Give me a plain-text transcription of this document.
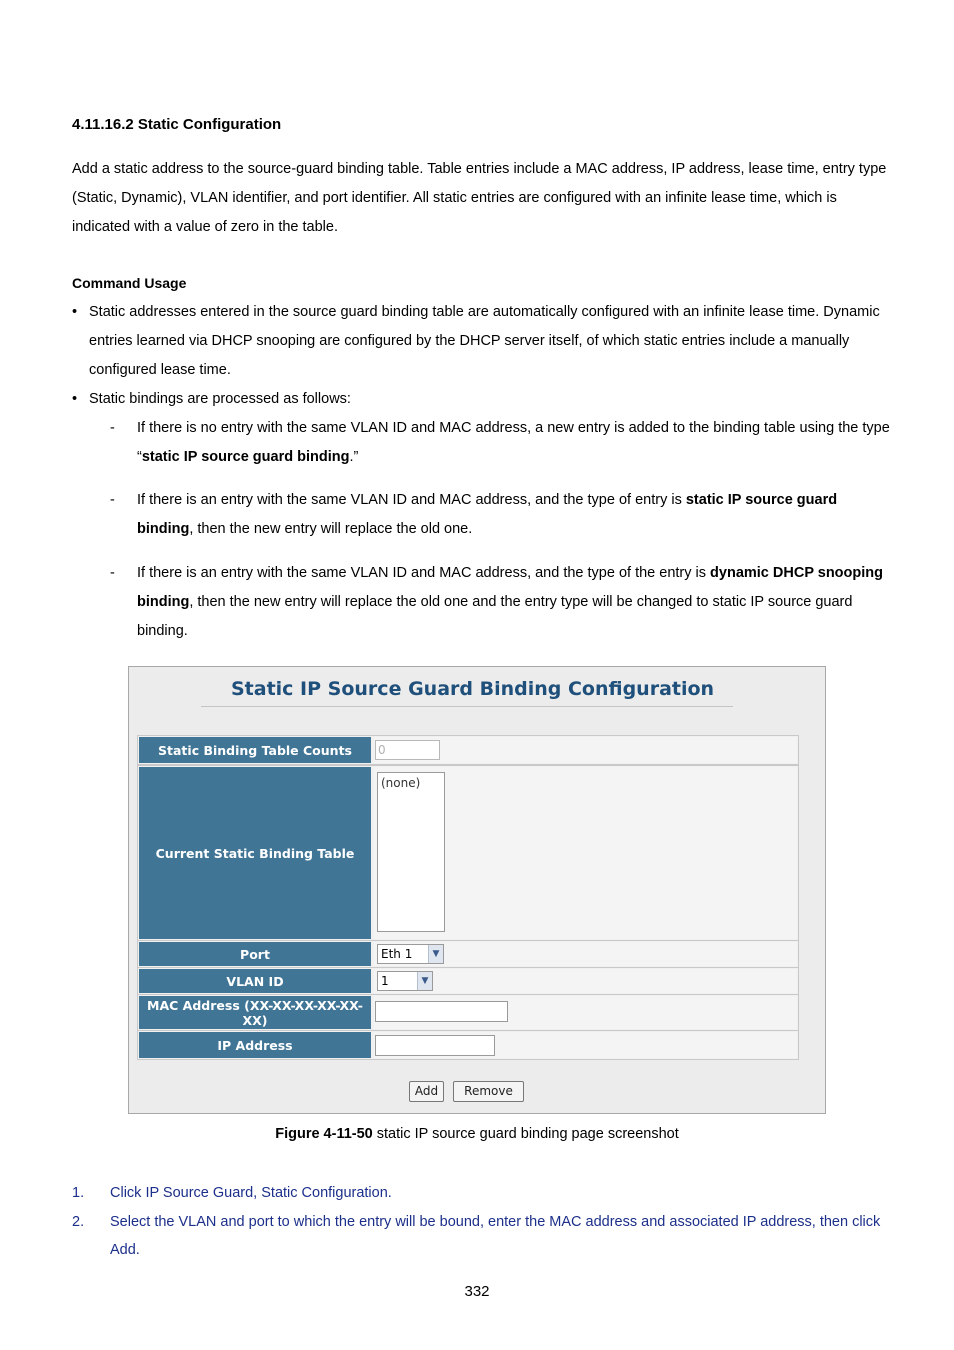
4.11.16.2 Static Configuration

Add a static address to the source-guard binding table. Table entries include a MAC address, IP address, lease time, entry type (Static, Dynamic), VLAN identifier, and port identifier. All static entries are configured with an infinite lease time, which is indicated with a value of zero in the table.

Command Usage

• Static addresses entered in the source guard binding table are automatically configured with an infinite lease time. Dynamic entries learned via DHCP snooping are configured by the DHCP server itself, of which static entries include a manually configured lease time.
• Static bindings are processed as follows:
-	If there is no entry with the same VLAN ID and MAC address, a new entry is added to the binding table using the type “static IP source guard binding.”
-	If there is an entry with the same VLAN ID and MAC address, and the type of entry is static IP source guard binding, then the new entry will replace the old one.
-	If there is an entry with the same VLAN ID and MAC address, and the type of the entry is dynamic DHCP snooping binding, then the new entry will replace the old one and the entry type will be changed to static IP source guard binding.
Static IP Source Guard Binding Configuration
Static Binding Table Counts	0
Current Static Binding Table
(none)
Port	Eth 1	▼
VLAN ID	1	▼
MAC Address (XX-XX-XX-XX-XX-XX)
IP Address
Add	Remove
Figure 4-11-50 static IP source guard binding page screenshot
1. Click IP Source Guard, Static Configuration.
2. Select the VLAN and port to which the entry will be bound, enter the MAC address and associated IP address, then click Add.
332
